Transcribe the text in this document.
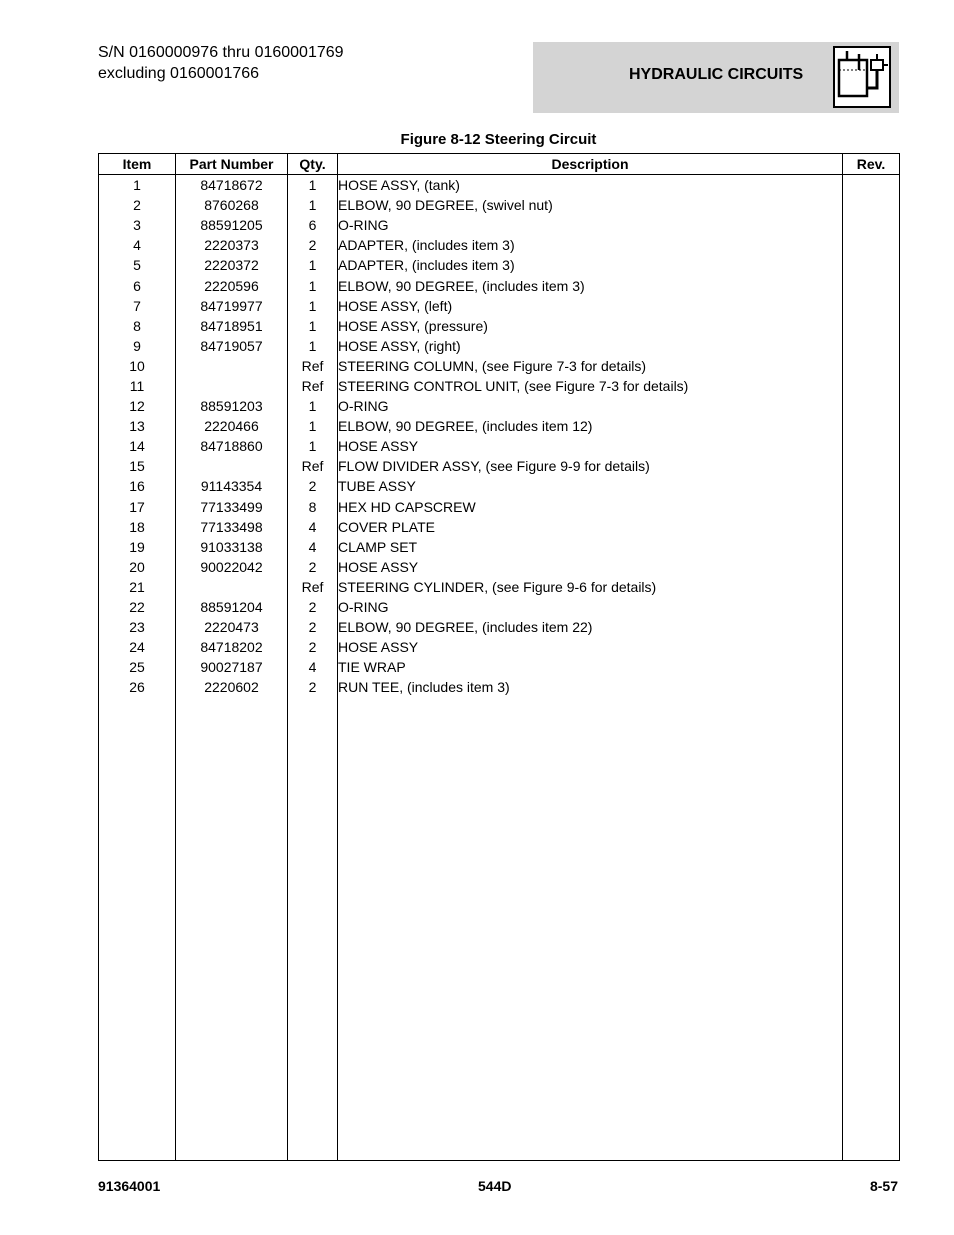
S/N 0160000976 thru 0160001769
excluding 0160001766	HYDRAULIC CIRCUITS
Figure 8-12 Steering Circuit
Item	Part Number	Qty.	Description	Rev.
1	84718672	1	HOSE ASSY, (tank)	
2	8760268	1	ELBOW, 90 DEGREE, (swivel nut)	
3	88591205	6	O-RING	
4	2220373	2	ADAPTER, (includes item 3)	
5	2220372	1	ADAPTER, (includes item 3)	
6	2220596	1	ELBOW, 90 DEGREE, (includes item 3)	
7	84719977	1	HOSE ASSY, (left)	
8	84718951	1	HOSE ASSY, (pressure)	
9	84719057	1	HOSE ASSY, (right)	
10		Ref	STEERING COLUMN, (see Figure 7-3 for details)	
11		Ref	STEERING CONTROL UNIT, (see Figure 7-3 for details)	
12	88591203	1	O-RING	
13	2220466	1	ELBOW, 90 DEGREE, (includes item 12)	
14	84718860	1	HOSE ASSY	
15		Ref	FLOW DIVIDER ASSY, (see Figure 9-9 for details)	
16	91143354	2	TUBE ASSY	
17	77133499	8	HEX HD CAPSCREW	
18	77133498	4	COVER PLATE	
19	91033138	4	CLAMP SET	
20	90022042	2	HOSE ASSY	
21		Ref	STEERING CYLINDER, (see Figure 9-6 for details)	
22	88591204	2	O-RING	
23	2220473	2	ELBOW, 90 DEGREE, (includes item 22)	
24	84718202	2	HOSE ASSY	
25	90027187	4	TIE WRAP	
26	2220602	2	RUN TEE, (includes item 3)	

91364001	544D	8-57
